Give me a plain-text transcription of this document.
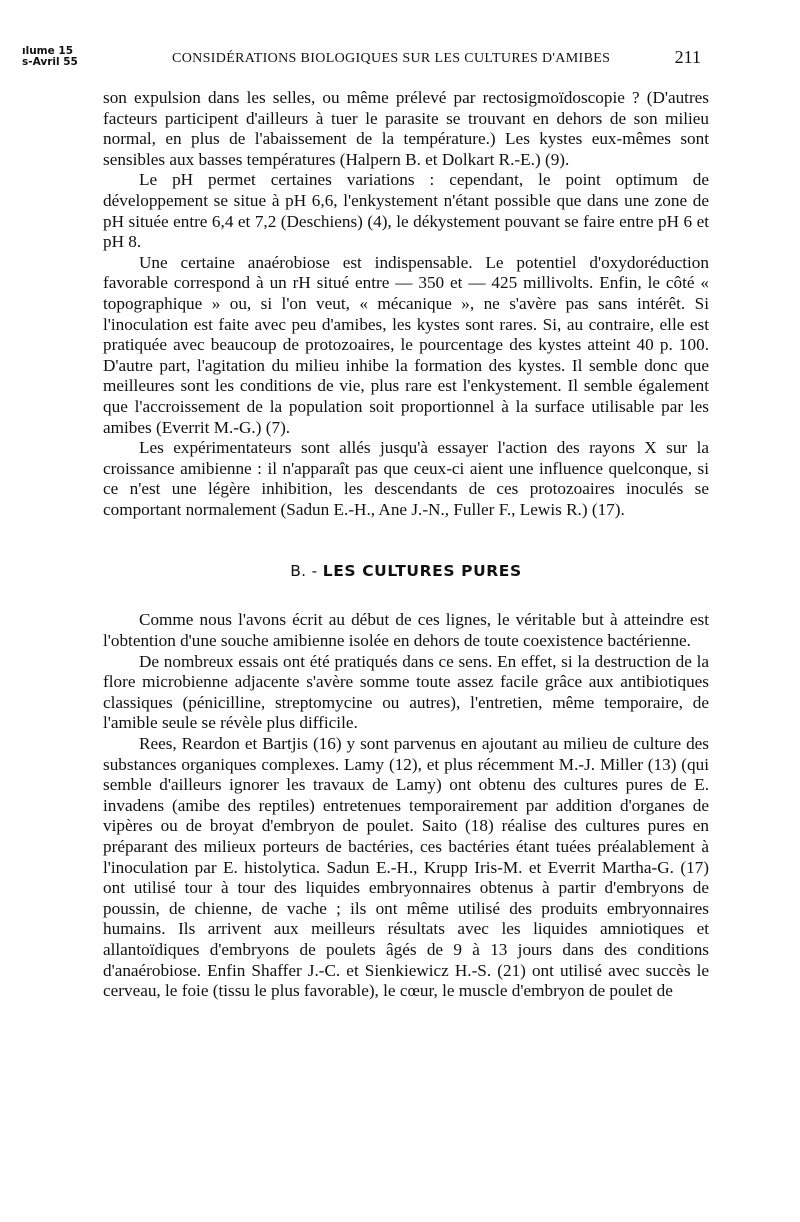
ılume 15
s-Avril 55	CONSIDÉRATIONS BIOLOGIQUES SUR LES CULTURES D'AMIBES	211

son expulsion dans les selles, ou même prélevé par rectosigmoïdoscopie ? (D'autres facteurs participent d'ailleurs à tuer le parasite se trouvant en dehors de son milieu normal, en plus de l'abaissement de la température.) Les kystes eux-mêmes sont sensibles aux basses températures (Halpern B. et Dolkart R.-E.) (9).

Le pH permet certaines variations : cependant, le point optimum de développement se situe à pH 6,6, l'enkystement n'étant possible que dans une zone de pH située entre 6,4 et 7,2 (Deschiens) (4), le dékystement pouvant se faire entre pH 6 et pH 8.

Une certaine anaérobiose est indispensable. Le potentiel d'oxydoréduction favorable correspond à un rH situé entre — 350 et — 425 millivolts. Enfin, le côté « topographique » ou, si l'on veut, « mécanique », ne s'avère pas sans intérêt. Si l'inoculation est faite avec peu d'amibes, les kystes sont rares. Si, au contraire, elle est pratiquée avec beaucoup de protozoaires, le pourcentage des kystes atteint 40 p. 100. D'autre part, l'agitation du milieu inhibe la formation des kystes. Il semble donc que meilleures sont les conditions de vie, plus rare est l'enkystement. Il semble également que l'accroissement de la population soit proportionnel à la surface utilisable par les amibes (Everrit M.-G.) (7).

Les expérimentateurs sont allés jusqu'à essayer l'action des rayons X sur la croissance amibienne : il n'apparaît pas que ceux-ci aient une influence quelconque, si ce n'est une légère inhibition, les descendants de ces protozoaires inoculés se comportant normalement (Sadun E.-H., Ane J.-N., Fuller F., Lewis R.) (17).

B. - LES CULTURES PURES

Comme nous l'avons écrit au début de ces lignes, le véritable but à atteindre est l'obtention d'une souche amibienne isolée en dehors de toute coexistence bactérienne.

De nombreux essais ont été pratiqués dans ce sens. En effet, si la destruction de la flore microbienne adjacente s'avère somme toute assez facile grâce aux antibiotiques classiques (pénicilline, streptomycine ou autres), l'entretien, même temporaire, de l'amible seule se révèle plus difficile.

Rees, Reardon et Bartjis (16) y sont parvenus en ajoutant au milieu de culture des substances organiques complexes. Lamy (12), et plus récemment M.-J. Miller (13) (qui semble d'ailleurs ignorer les travaux de Lamy) ont obtenu des cultures pures de E. invadens (amibe des reptiles) entretenues temporairement par addition d'organes de vipères ou de broyat d'embryon de poulet. Saito (18) réalise des cultures pures en préparant des milieux porteurs de bactéries, ces bactéries étant tuées préalablement à l'inoculation par E. histolytica. Sadun E.-H., Krupp Iris-M. et Everrit Martha-G. (17) ont utilisé tour à tour des liquides embryonnaires obtenus à partir d'embryons de poussin, de chienne, de vache ; ils ont même utilisé des produits embryonnaires humains. Ils arrivent aux meilleurs résultats avec les liquides amniotiques et allantoïdiques d'embryons de poulets âgés de 9 à 13 jours dans des conditions d'anaérobiose. Enfin Shaffer J.-C. et Sienkiewicz H.-S. (21) ont utilisé avec succès le cerveau, le foie (tissu le plus favorable), le cœur, le muscle d'embryon de poulet de
